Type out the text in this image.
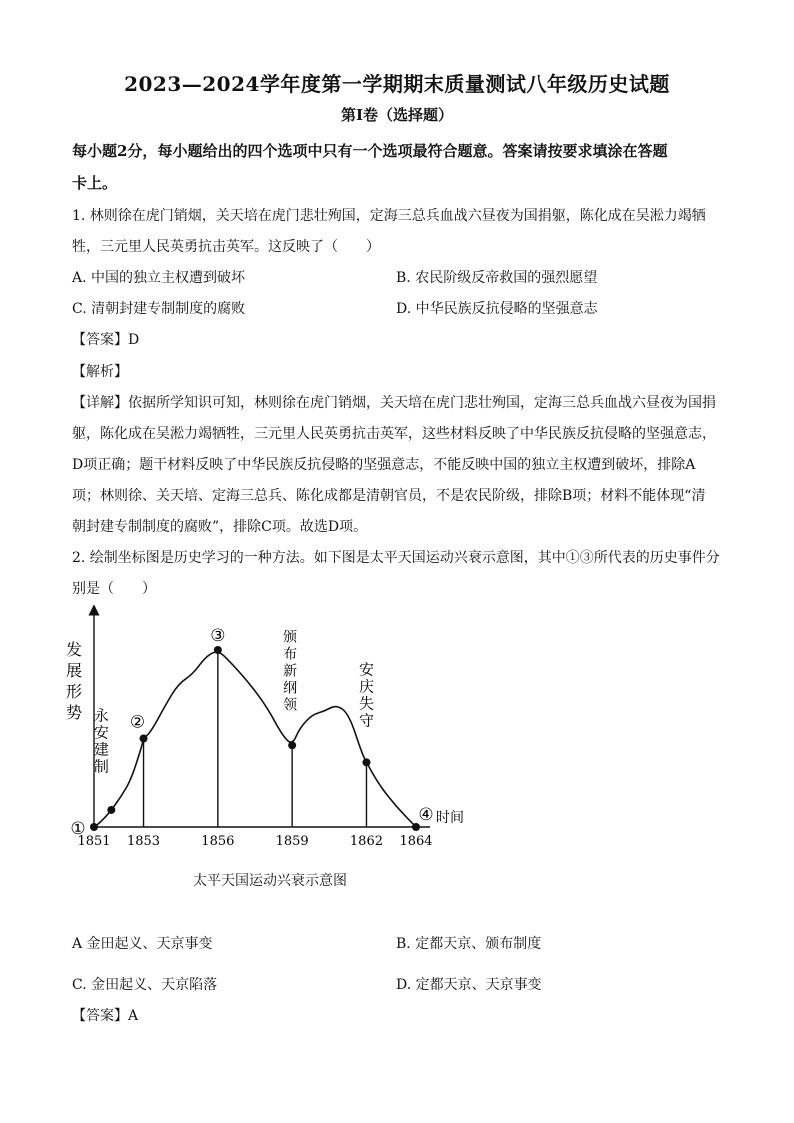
2023—2024学年度第一学期期末质量测试八年级历史试题
第Ⅰ卷（选择题）
每小题2分，每小题给出的四个选项中只有一个选项最符合题意。答案请按要求填涂在答题
卡上。
1. 林则徐在虎门销烟，关天培在虎门悲壮殉国，定海三总兵血战六昼夜为国捐躯，陈化成在吴淞力竭牺
牲，三元里人民英勇抗击英军。这反映了（　　）
A. 中国的独立主权遭到破坏	B. 农民阶级反帝救国的强烈愿望
C. 清朝封建专制制度的腐败	D. 中华民族反抗侵略的坚强意志
【答案】D
【解析】
【详解】依据所学知识可知，林则徐在虎门销烟，关天培在虎门悲壮殉国，定海三总兵血战六昼夜为国捐
躯，陈化成在吴淞力竭牺牲，三元里人民英勇抗击英军，这些材料反映了中华民族反抗侵略的坚强意志，
D项正确；题干材料反映了中华民族反抗侵略的坚强意志，不能反映中国的独立主权遭到破坏，排除A
项；林则徐、关天培、定海三总兵、陈化成都是清朝官员，不是农民阶级，排除B项；材料不能体现“清
朝封建专制制度的腐败”，排除C项。故选D项。
2. 绘制坐标图是历史学习的一种方法。如下图是太平天国运动兴衰示意图，其中①③所代表的历史事件分
别是（　　）
发展形势
1851 1853	1856	1859	1862 1864
时间
①
②
③
④
永安建制
颁布新纲领
安庆失守
太平天国运动兴衰示意图
A 金田起义、天京事变	B. 定都天京、颁布制度
C. 金田起义、天京陷落	D. 定都天京、天京事变
【答案】A
